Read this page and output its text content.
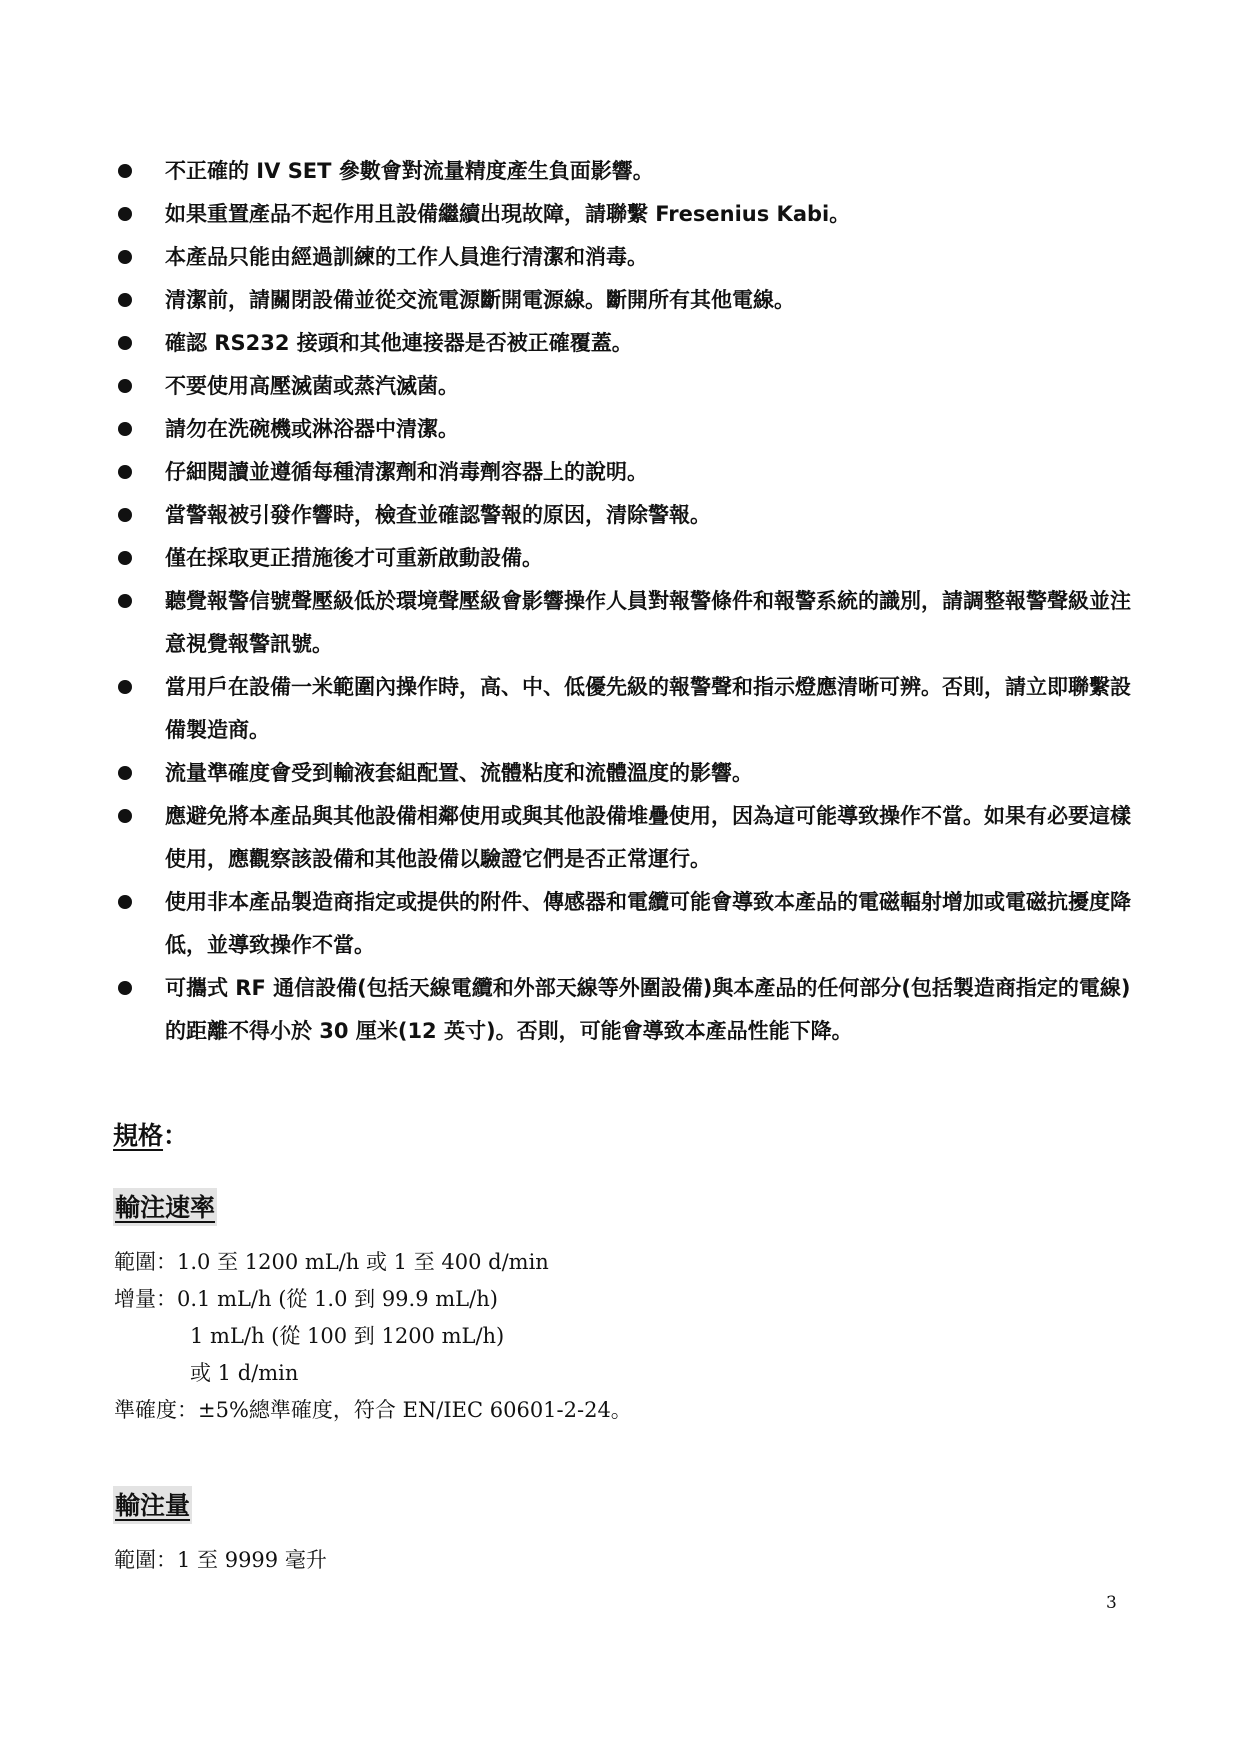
不正確的 IV SET 參數會對流量精度產生負面影響。
如果重置產品不起作用且設備繼續出現故障，請聯繫 Fresenius Kabi。
本產品只能由經過訓練的工作人員進行清潔和消毒。
清潔前，請關閉設備並從交流電源斷開電源線。斷開所有其他電線。
確認 RS232 接頭和其他連接器是否被正確覆蓋。
不要使用高壓滅菌或蒸汽滅菌。
請勿在洗碗機或淋浴器中清潔。
仔細閱讀並遵循每種清潔劑和消毒劑容器上的說明。
當警報被引發作響時，檢查並確認警報的原因，清除警報。
僅在採取更正措施後才可重新啟動設備。
聽覺報警信號聲壓級低於環境聲壓級會影響操作人員對報警條件和報警系統的識別，請調整報警聲級並注意視覺報警訊號。
當用戶在設備一米範圍內操作時，高、中、低優先級的報警聲和指示燈應清晰可辨。否則，請立即聯繫設備製造商。
流量準確度會受到輸液套組配置、流體粘度和流體溫度的影響。
應避免將本產品與其他設備相鄰使用或與其他設備堆疊使用，因為這可能導致操作不當。如果有必要這樣使用，應觀察該設備和其他設備以驗證它們是否正常運行。
使用非本產品製造商指定或提供的附件、傳感器和電纜可能會導致本產品的電磁輻射增加或電磁抗擾度降低，並導致操作不當。
可攜式 RF 通信設備(包括天線電纜和外部天線等外圍設備)與本產品的任何部分(包括製造商指定的電線)的距離不得小於 30 厘米(12 英寸)。否則，可能會導致本產品性能下降。
規格：
輸注速率
範圍：1.0 至 1200 mL/h 或 1 至 400 d/min
增量：0.1 mL/h (從 1.0 到 99.9 mL/h)
1 mL/h (從 100 到 1200 mL/h)
或 1 d/min
準確度：±5%總準確度，符合 EN/IEC 60601-2-24。
輸注量
範圍：1 至 9999 毫升
3
